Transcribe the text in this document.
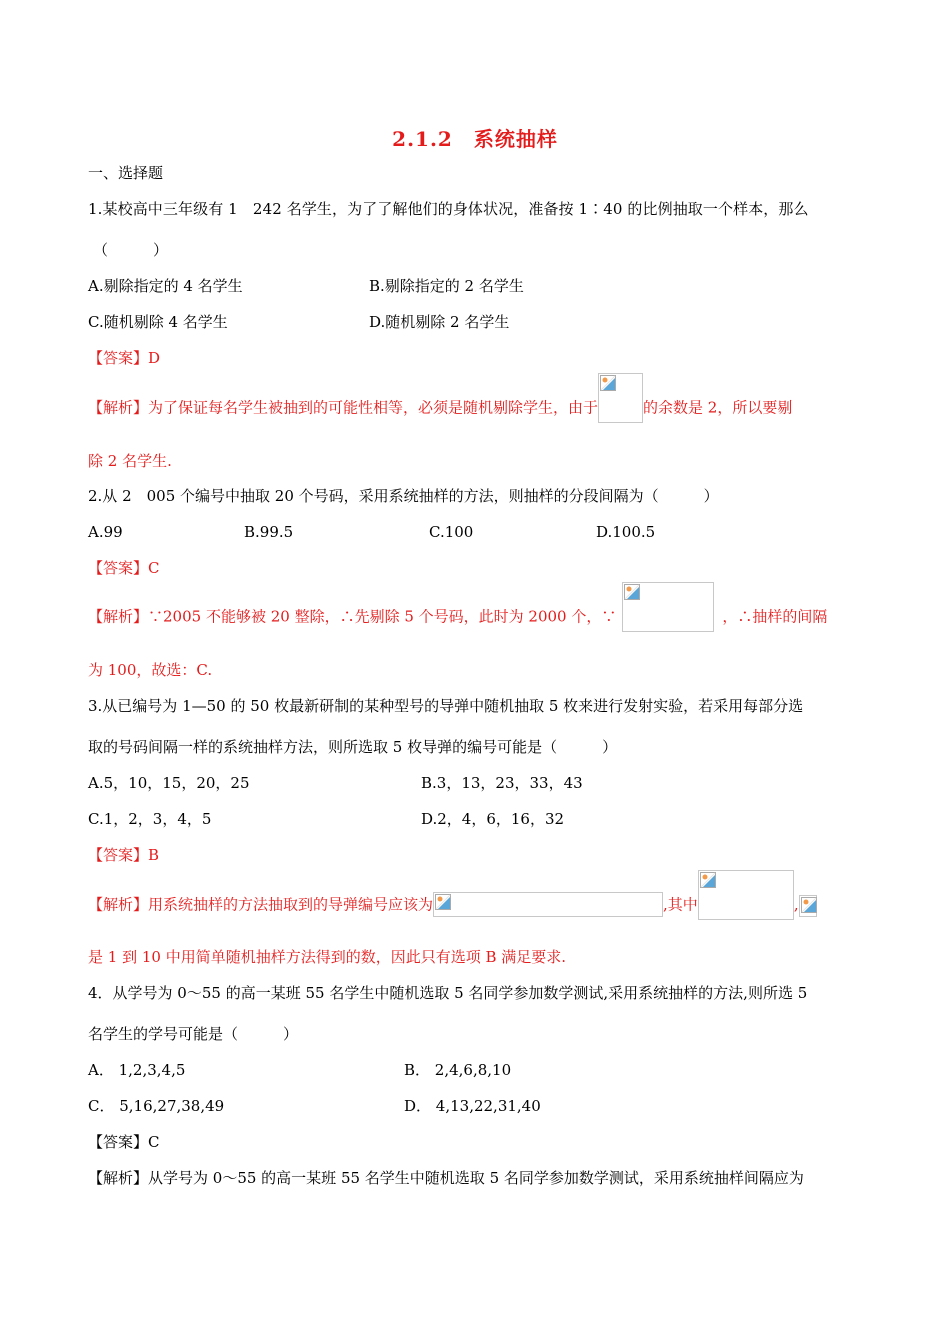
2.1.2　系统抽样
一、选择题
1.某校高中三年级有 1　242 名学生，为了了解他们的身体状况，准备按 1∶40 的比例抽取一个样本，那么
（　　　）
A.剔除指定的 4 名学生	B.剔除指定的 2 名学生
C.随机剔除 4 名学生	D.随机剔除 2 名学生
【答案】D
【解析】为了保证每名学生被抽到的可能性相等，必须是随机剔除学生，由于	的余数是 2，所以要剔
除 2 名学生.
2.从 2　005 个编号中抽取 20 个号码，采用系统抽样的方法，则抽样的分段间隔为（　　　）
A.99	B.99.5	C.100	D.100.5
【答案】C
【解析】∵2005 不能够被 20 整除，∴先剔除 5 个号码，此时为 2000 个，∵	，∴抽样的间隔
为 100，故选：C.
3.从已编号为 1—50 的 50 枚最新研制的某种型号的导弹中随机抽取 5 枚来进行发射实验，若采用每部分选
取的号码间隔一样的系统抽样方法，则所选取 5 枚导弹的编号可能是（　　　）
A.5，10，15，20，25	B.3，13，23，33，43
C.1，2，3，4，5	D.2，4，6，16，32
【答案】B
【解析】用系统抽样的方法抽取到的导弹编号应该为	,其中	,
是 1 到 10 中用简单随机抽样方法得到的数，因此只有选项 B 满足要求.
4．从学号为 0～55 的高一某班 55 名学生中随机选取 5 名同学参加数学测试,采用系统抽样的方法,则所选 5
名学生的学号可能是（　　　）
A． 1,2,3,4,5	B． 2,4,6,8,10
C． 5,16,27,38,49	D． 4,13,22,31,40
【答案】C
【解析】从学号为 0～55 的高一某班 55 名学生中随机选取 5 名同学参加数学测试，采用系统抽样间隔应为
